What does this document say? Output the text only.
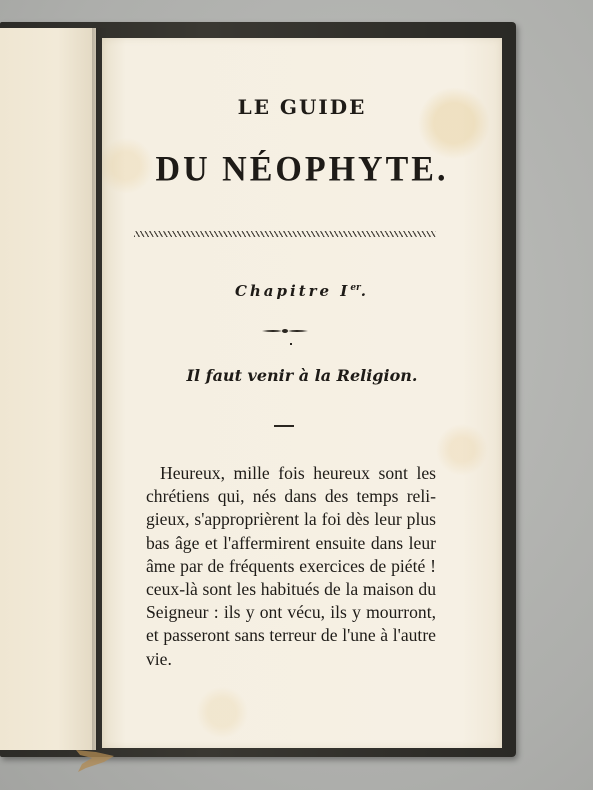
LE GUIDE
DU NÉOPHYTE.
Chapitre Ier.
Il faut venir à la Religion.
Heureux, mille fois heureux sont les
chrétiens qui, nés dans des temps reli-
gieux, s'approprièrent la foi dès leur plus
bas âge et l'affermirent ensuite dans leur
âme par de fréquents exercices de piété !
ceux-là sont les habitués de la maison du
Seigneur : ils y ont vécu, ils y mourront,
et passeront sans terreur de l'une à l'autre
vie.
